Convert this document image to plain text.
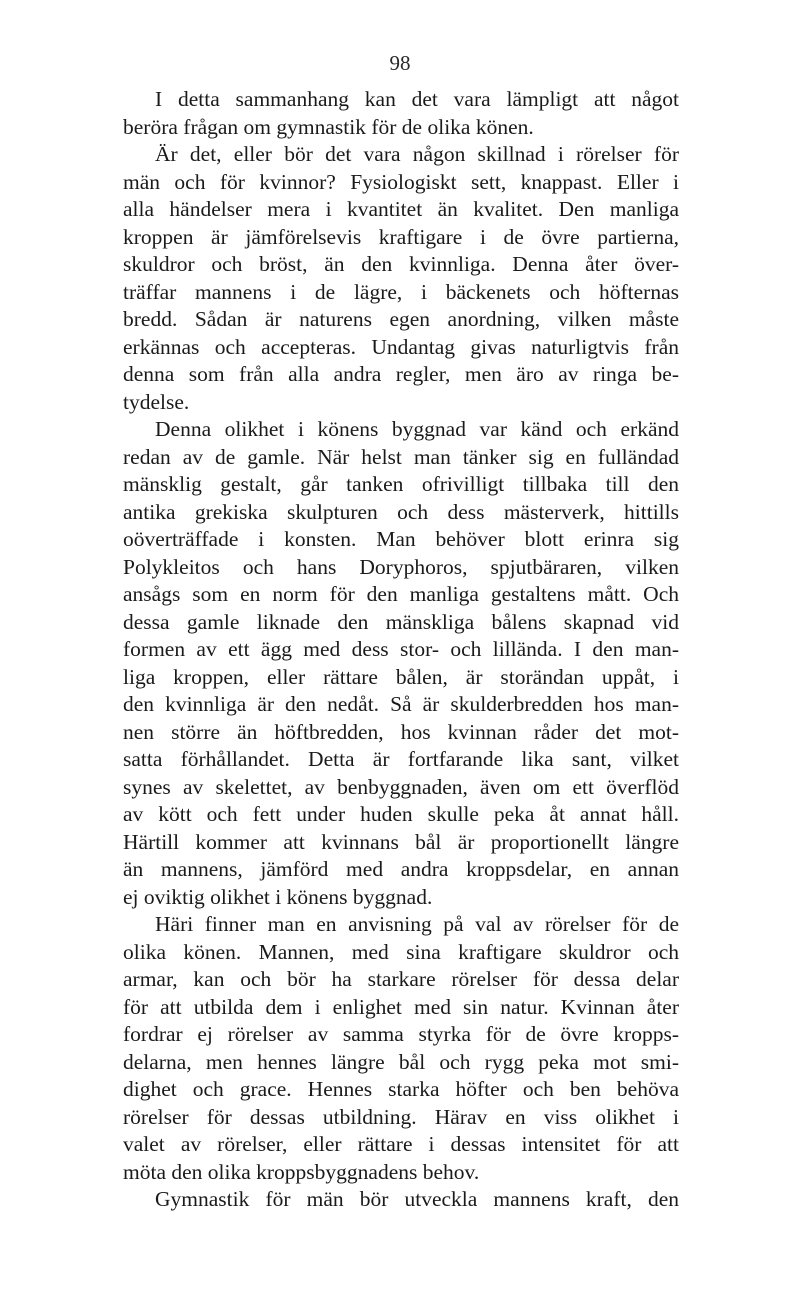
98
I detta sammanhang kan det vara lämpligt att något
beröra frågan om gymnastik för de olika könen.
Är det, eller bör det vara någon skillnad i rörelser för
män och för kvinnor? Fysiologiskt sett, knappast. Eller i
alla händelser mera i kvantitet än kvalitet. Den manliga
kroppen är jämförelsevis kraftigare i de övre partierna,
skuldror och bröst, än den kvinnliga. Denna åter över-
träffar mannens i de lägre, i bäckenets och höfternas
bredd. Sådan är naturens egen anordning, vilken måste
erkännas och accepteras. Undantag givas naturligtvis från
denna som från alla andra regler, men äro av ringa be-
tydelse.
Denna olikhet i könens byggnad var känd och erkänd
redan av de gamle. När helst man tänker sig en fulländad
mänsklig gestalt, går tanken ofrivilligt tillbaka till den
antika grekiska skulpturen och dess mästerverk, hittills
oöverträffade i konsten. Man behöver blott erinra sig
Polykleitos och hans Doryphoros, spjutbäraren, vilken
ansågs som en norm för den manliga gestaltens mått. Och
dessa gamle liknade den mänskliga bålens skapnad vid
formen av ett ägg med dess stor- och lilländа. I den man-
liga kroppen, eller rättare bålen, är storändan uppåt, i
den kvinnliga är den nedåt. Så är skulderbredden hos man-
nen större än höftbredden, hos kvinnan råder det mot-
satta förhållandet. Detta är fortfarande lika sant, vilket
synes av skelettet, av benbyggnaden, även om ett överflöd
av kött och fett under huden skulle peka åt annat håll.
Härtill kommer att kvinnans bål är proportionellt längre
än mannens, jämförd med andra kroppsdelar, en annan
ej oviktig olikhet i könens byggnad.
Häri finner man en anvisning på val av rörelser för de
olika könen. Mannen, med sina kraftigare skuldror och
armar, kan och bör ha starkare rörelser för dessa delar
för att utbilda dem i enlighet med sin natur. Kvinnan åter
fordrar ej rörelser av samma styrka för de övre kropps-
delarna, men hennes längre bål och rygg peka mot smi-
dighet och grace. Hennes starka höfter och ben behöva
rörelser för dessas utbildning. Härav en viss olikhet i
valet av rörelser, eller rättare i dessas intensitet för att
möta den olika kroppsbyggnadens behov.
Gymnastik för män bör utveckla mannens kraft, den
